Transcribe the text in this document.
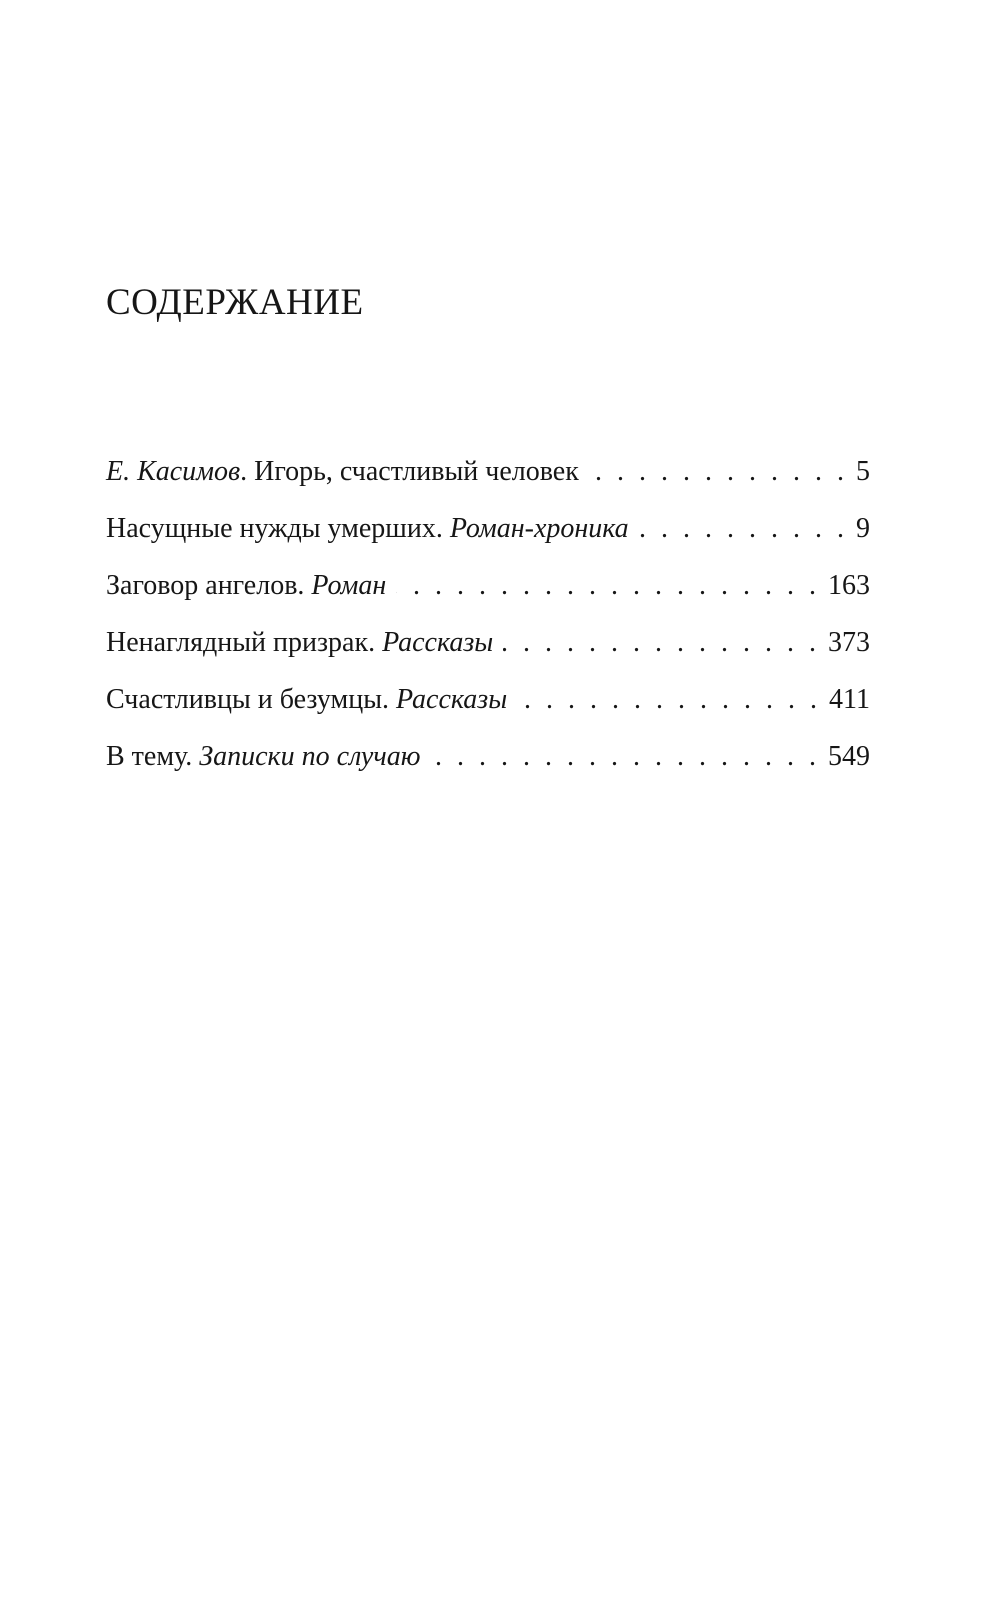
СОДЕРЖАНИЕ
Е. Касимов. Игорь, счастливый человек . . .	5
Насущные нужды умерших. Роман-хроника . . .	9
Заговор ангелов. Роман . . .	163
Ненаглядный призрак. Рассказы . . .	373
Счастливцы и безумцы. Рассказы . . .	411
В тему. Записки по случаю . . .	549
